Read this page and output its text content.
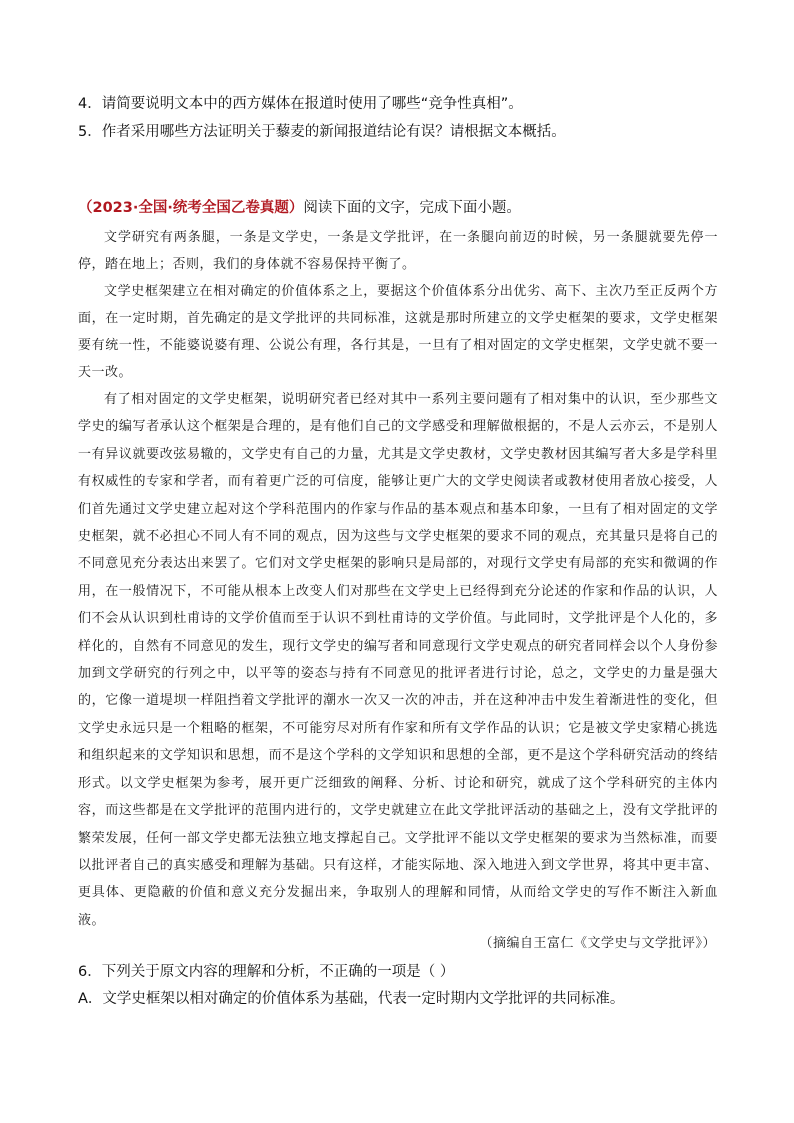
4．请简要说明文本中的西方媒体在报道时使用了哪些“竞争性真相”。
5．作者采用哪些方法证明关于藜麦的新闻报道结论有误？请根据文本概括。
（2023·全国·统考全国乙卷真题）阅读下面的文字，完成下面小题。

文学研究有两条腿，一条是文学史，一条是文学批评，在一条腿向前迈的时候，另一条腿就要先停一停，踏在地上；否则，我们的身体就不容易保持平衡了。

文学史框架建立在相对确定的价值体系之上，要据这个价值体系分出优劣、高下、主次乃至正反两个方面，在一定时期，首先确定的是文学批评的共同标准，这就是那时所建立的文学史框架的要求，文学史框架要有统一性，不能婆说婆有理、公说公有理，各行其是，一旦有了相对固定的文学史框架，文学史就不要一天一改。

有了相对固定的文学史框架，说明研究者已经对其中一系列主要问题有了相对集中的认识，至少那些文学史的编写者承认这个框架是合理的，是有他们自己的文学感受和理解做根据的，不是人云亦云，不是别人一有异议就要改弦易辙的，文学史有自己的力量，尤其是文学史教材，文学史教材因其编写者大多是学科里有权威性的专家和学者，而有着更广泛的可信度，能够让更广大的文学史阅读者或教材使用者放心接受，人们首先通过文学史建立起对这个学科范围内的作家与作品的基本观点和基本印象，一旦有了相对固定的文学史框架，就不必担心不同人有不同的观点，因为这些与文学史框架的要求不同的观点，充其量只是将自己的不同意见充分表达出来罢了。它们对文学史框架的影响只是局部的，对现行文学史有局部的充实和微调的作用，在一般情况下，不可能从根本上改变人们对那些在文学史上已经得到充分论述的作家和作品的认识，人们不会从认识到杜甫诗的文学价值而至于认识不到杜甫诗的文学价值。与此同时，文学批评是个人化的，多样化的，自然有不同意见的发生，现行文学史的编写者和同意现行文学史观点的研究者同样会以个人身份参加到文学研究的行列之中，以平等的姿态与持有不同意见的批评者进行讨论，总之，文学史的力量是强大的，它像一道堤坝一样阻挡着文学批评的潮水一次又一次的冲击，并在这种冲击中发生着渐进性的变化，但文学史永远只是一个粗略的框架，不可能穷尽对所有作家和所有文学作品的认识；它是被文学史家精心挑选和组织起来的文学知识和思想，而不是这个学科的文学知识和思想的全部，更不是这个学科研究活动的终结形式。以文学史框架为参考，展开更广泛细致的阐释、分析、讨论和研究，就成了这个学科研究的主体内容，而这些都是在文学批评的范围内进行的，文学史就建立在此文学批评活动的基础之上，没有文学批评的繁荣发展，任何一部文学史都无法独立地支撑起自己。文学批评不能以文学史框架的要求为当然标准，而要以批评者自己的真实感受和理解为基础。只有这样，才能实际地、深入地进入到文学世界，将其中更丰富、更具体、更隐蔽的价值和意义充分发掘出来，争取别人的理解和同情，从而给文学史的写作不断注入新血液。

（摘编自王富仁《文学史与文学批评》）
6．下列关于原文内容的理解和分析，不正确的一项是（ ）
A．文学史框架以相对确定的价值体系为基础，代表一定时期内文学批评的共同标准。
